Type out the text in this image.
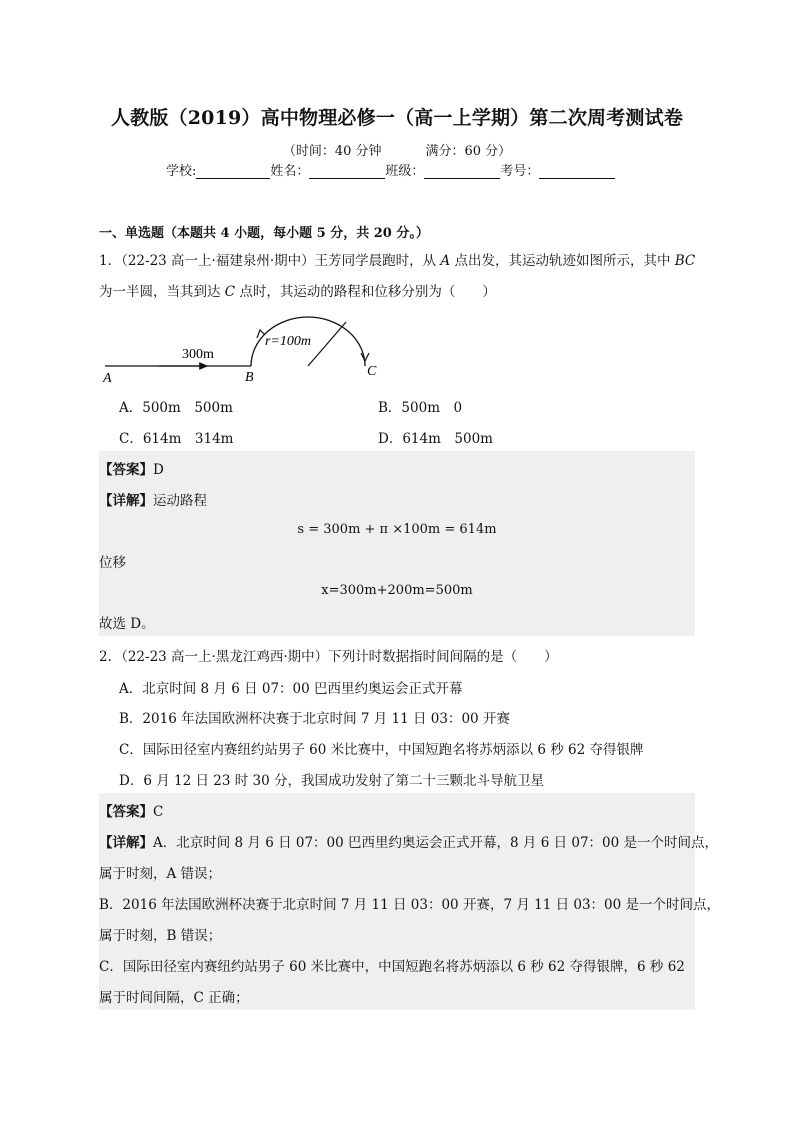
人教版（2019）高中物理必修一（高一上学期）第二次周考测试卷
（时间：40 分钟	满分：60 分）
学校:	姓名：	班级：	考号：
一、单选题（本题共 4 小题，每小题 5 分，共 20 分。）
1．（22-23 高一上·福建泉州·期中）王芳同学晨跑时，从 A 点出发，其运动轨迹如图所示，其中 BC
为一半圆，当其到达 C 点时，其运动的路程和位移分别为（　　）
300m
r=100m
A	B	C
A．500m　500m	B．500m　0
C．614m　314m	D．614m　500m
【答案】D
【详解】运动路程
s = 300m + π ×100m = 614m
位移
x=300m+200m=500m
故选 D。
2．（22-23 高一上·黑龙江鸡西·期中）下列计时数据指时间间隔的是（　　）
A．北京时间 8 月 6 日 07：00 巴西里约奥运会正式开幕
B．2016 年法国欧洲杯决赛于北京时间 7 月 11 日 03：00 开赛
C．国际田径室内赛纽约站男子 60 米比赛中，中国短跑名将苏炳添以 6 秒 62 夺得银牌
D．6 月 12 日 23 时 30 分，我国成功发射了第二十三颗北斗导航卫星
【答案】C
【详解】A．北京时间 8 月 6 日 07：00 巴西里约奥运会正式开幕，8 月 6 日 07：00 是一个时间点，
属于时刻，A 错误；
B．2016 年法国欧洲杯决赛于北京时间 7 月 11 日 03：00 开赛，7 月 11 日 03：00 是一个时间点，
属于时刻，B 错误；
C．国际田径室内赛纽约站男子 60 米比赛中，中国短跑名将苏炳添以 6 秒 62 夺得银牌，6 秒 62
属于时间间隔，C 正确；
